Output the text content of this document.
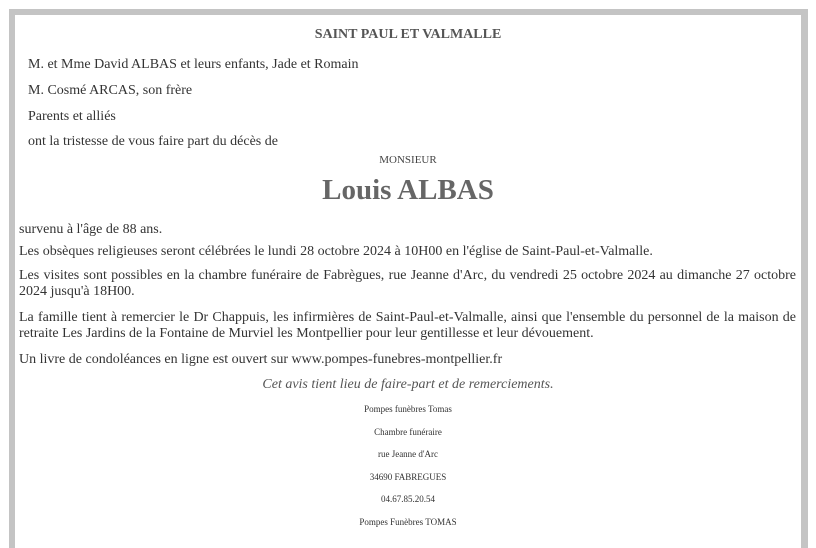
SAINT PAUL ET VALMALLE
M. et Mme David ALBAS et leurs enfants, Jade et Romain
M. Cosmé ARCAS, son frère
Parents et alliés
ont la tristesse de vous faire part du décès de
MONSIEUR
Louis ALBAS
survenu à l'âge de 88 ans.
Les obsèques religieuses seront célébrées le lundi 28 octobre 2024 à 10H00 en l'église de Saint-Paul-et-Valmalle.
Les visites sont possibles en la chambre funéraire de Fabrègues, rue Jeanne d'Arc, du vendredi 25 octobre 2024 au dimanche 27 octobre 2024 jusqu'à 18H00.
La famille tient à remercier le Dr Chappuis, les infirmières de Saint-Paul-et-Valmalle, ainsi que l'ensemble du personnel de la maison de retraite Les Jardins de la Fontaine de Murviel les Montpellier pour leur gentillesse et leur dévouement.
Un livre de condoléances en ligne est ouvert sur www.pompes-funebres-montpellier.fr
Cet avis tient lieu de faire-part et de remerciements.
Pompes funèbres Tomas
Chambre funéraire
rue Jeanne d'Arc
34690 FABREGUES
04.67.85.20.54
Pompes Funèbres TOMAS
